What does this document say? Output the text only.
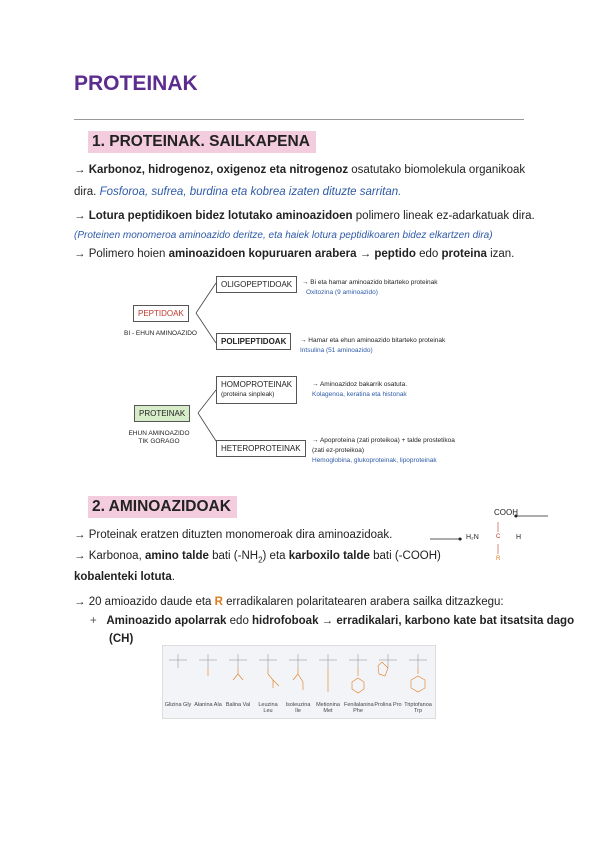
PROTEINAK
1. PROTEINAK. SAILKAPENA
→ Karbonoz, hidrogenoz, oxigenoz eta nitrogenoz osatutako biomolekula organikoak
dira. Fosforoa, sufrea, burdina eta kobrea izaten dituzte sarritan.
→ Lotura peptidikoen bidez lotutako aminoazidoen polimero lineak ez-adarkatuak dira.
(Proteinen monomeroa aminoazido deritze, eta haiek lotura peptidikoaren bidez elkartzen dira)
→ Polimero hoien aminoazidoen kopuruaren arabera → peptido edo proteina izan.
PEPTIDOAK
BI - EHUN AMINOAZIDO
OLIGOPEPTIDOAK	→ Bi eta hamar aminoazido bitarteko proteinak
Oxitozina (9 aminoazido)
POLIPEPTIDOAK	→ Hamar eta ehun aminoazido bitarteko proteinak
Intsulina (51 aminoazido)
PROTEINAK
EHUN AMINOAZIDO TIK GORAGO
HOMOPROTEINAK
(proteina sinpleak)
→ Aminoazidoz bakarrik osatuta.
Kolagenoa, keratina eta histonak
HETEROPROTEINAK
→ Apoproteina (zati proteikoa) + talde prostetikoa
(zati ez-proteikoa)
Hemoglobina, glukoproteinak, lipoproteinak
2. AMINOAZIDOAK
→ Proteinak eratzen dituzten monomeroak dira aminoazidoak.
→ Karbonoa, amino talde bati $(-NH_2)$ eta karboxilo talde bati (-COOH)
kobalenteki lotuta.
→ 20 amioazido daude eta R erradikalaren polaritatearen arabera sailka ditzazkegu:
+ Aminoazido apolarrak edo hidrofoboak → erradikalari, karbono kate bat itsatsita dago
(CH)
COOH
H₂N	C H
R
Glizina Gly Alanina Ala Balina Val	Leuzina Leu
Isoleuzina Ile
Metionina Met
Fenilalanina Phe
Prolina Pro Triptofanoa Trp
